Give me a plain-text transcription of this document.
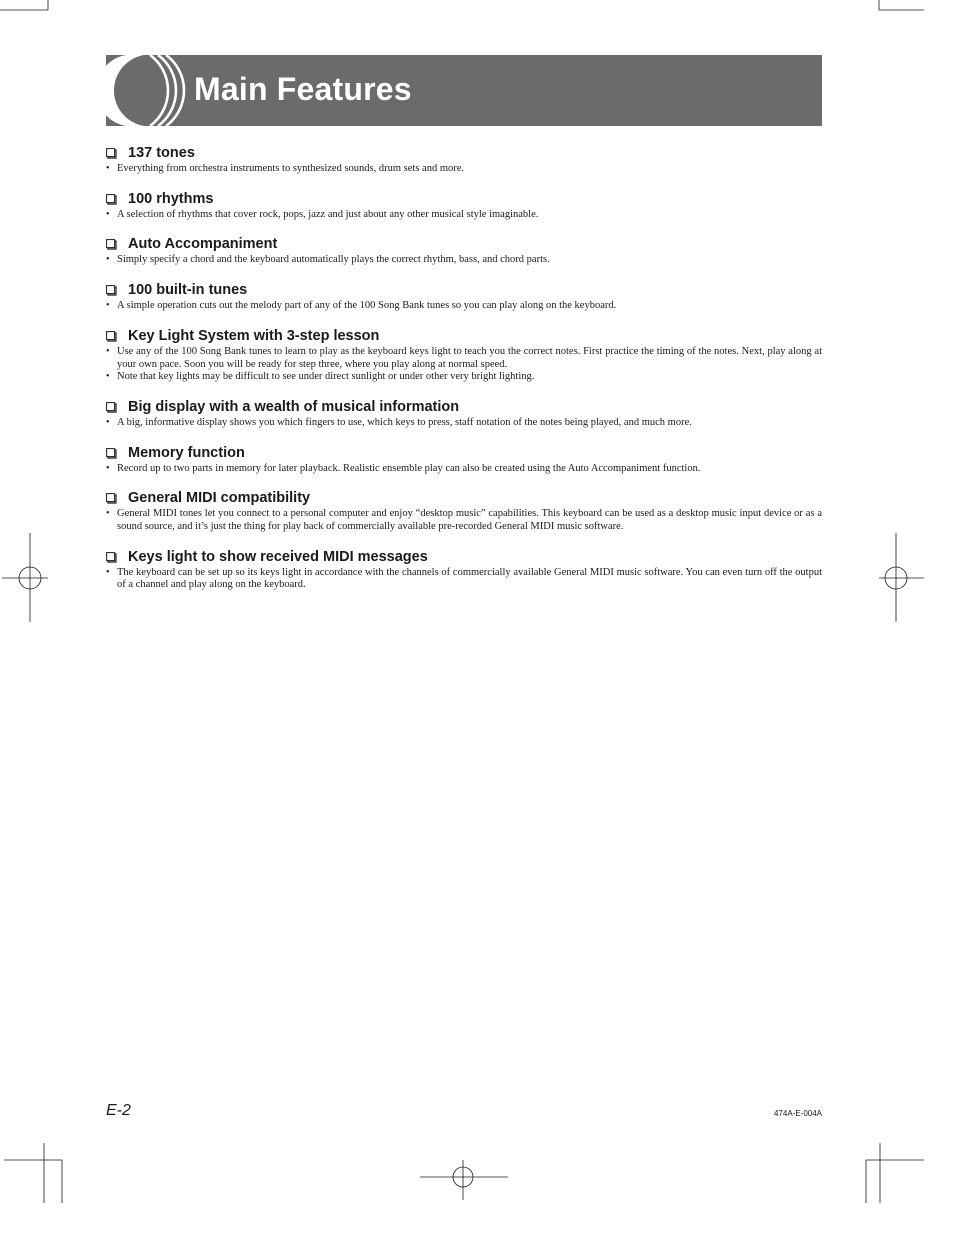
Main Features
137 tones
• Everything from orchestra instruments to synthesized sounds, drum sets and more.
100 rhythms
• A selection of rhythms that cover rock, pops, jazz and just about any other musical style imaginable.
Auto Accompaniment
• Simply specify a chord and the keyboard automatically plays the correct rhythm, bass, and chord parts.
100 built-in tunes
• A simple operation cuts out the melody part of any of the 100 Song Bank tunes so you can play along on the keyboard.
Key Light System with 3-step lesson
• Use any of the 100 Song Bank tunes to learn to play as the keyboard keys light to teach you the correct notes. First practice the timing of the notes. Next, play along at your own pace. Soon you will be ready for step three, where you play along at normal speed.
• Note that key lights may be difficult to see under direct sunlight or under other very bright lighting.
Big display with a wealth of musical information
• A big, informative display shows you which fingers to use, which keys to press, staff notation of the notes being played, and much more.
Memory function
• Record up to two parts in memory for later playback. Realistic ensemble play can also be created using the Auto Accompaniment function.
General MIDI compatibility
• General MIDI tones let you connect to a personal computer and enjoy “desktop music” capabilities. This keyboard can be used as a desktop music input device or as a sound source, and it’s just the thing for play back of commercially available pre-recorded General MIDI music software.
Keys light to show received MIDI messages
• The keyboard can be set up so its keys light in accordance with the channels of commercially available General MIDI music software. You can even turn off the output of a channel and play along on the keyboard.
E-2	474A-E-004A
